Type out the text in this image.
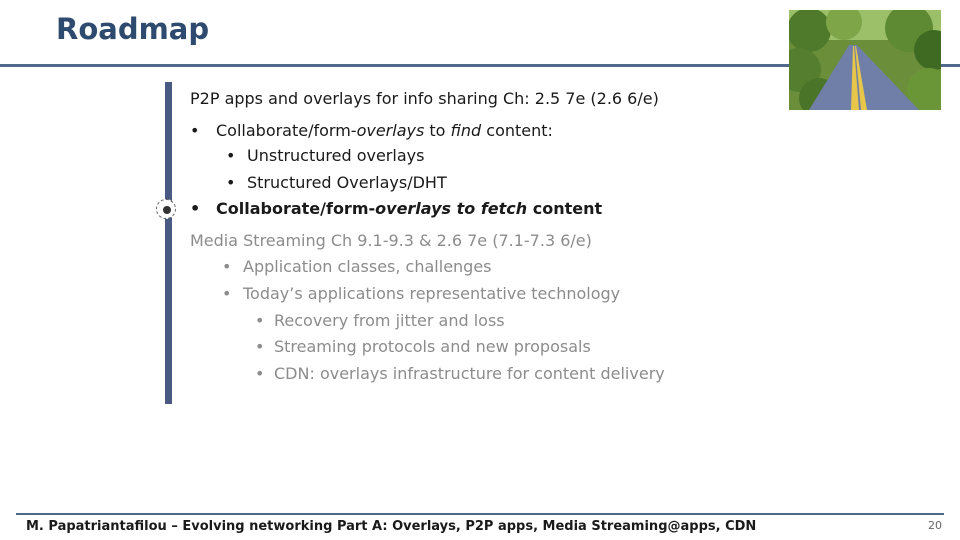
Roadmap
P2P apps and overlays for info sharing Ch: 2.5 7e (2.6 6/e)
• Collaborate/form-overlays to find content:
• Unstructured overlays
• Structured Overlays/DHT
• Collaborate/form-overlays to fetch content
Media Streaming Ch 9.1-9.3 & 2.6 7e (7.1-7.3 6/e)
• Application classes, challenges
• Today’s applications representative technology
• Recovery from jitter and loss
• Streaming protocols and new proposals
• CDN: overlays infrastructure for content delivery
M. Papatriantafilou – Evolving networking Part A: Overlays, P2P apps, Media Streaming@apps, CDN	20
